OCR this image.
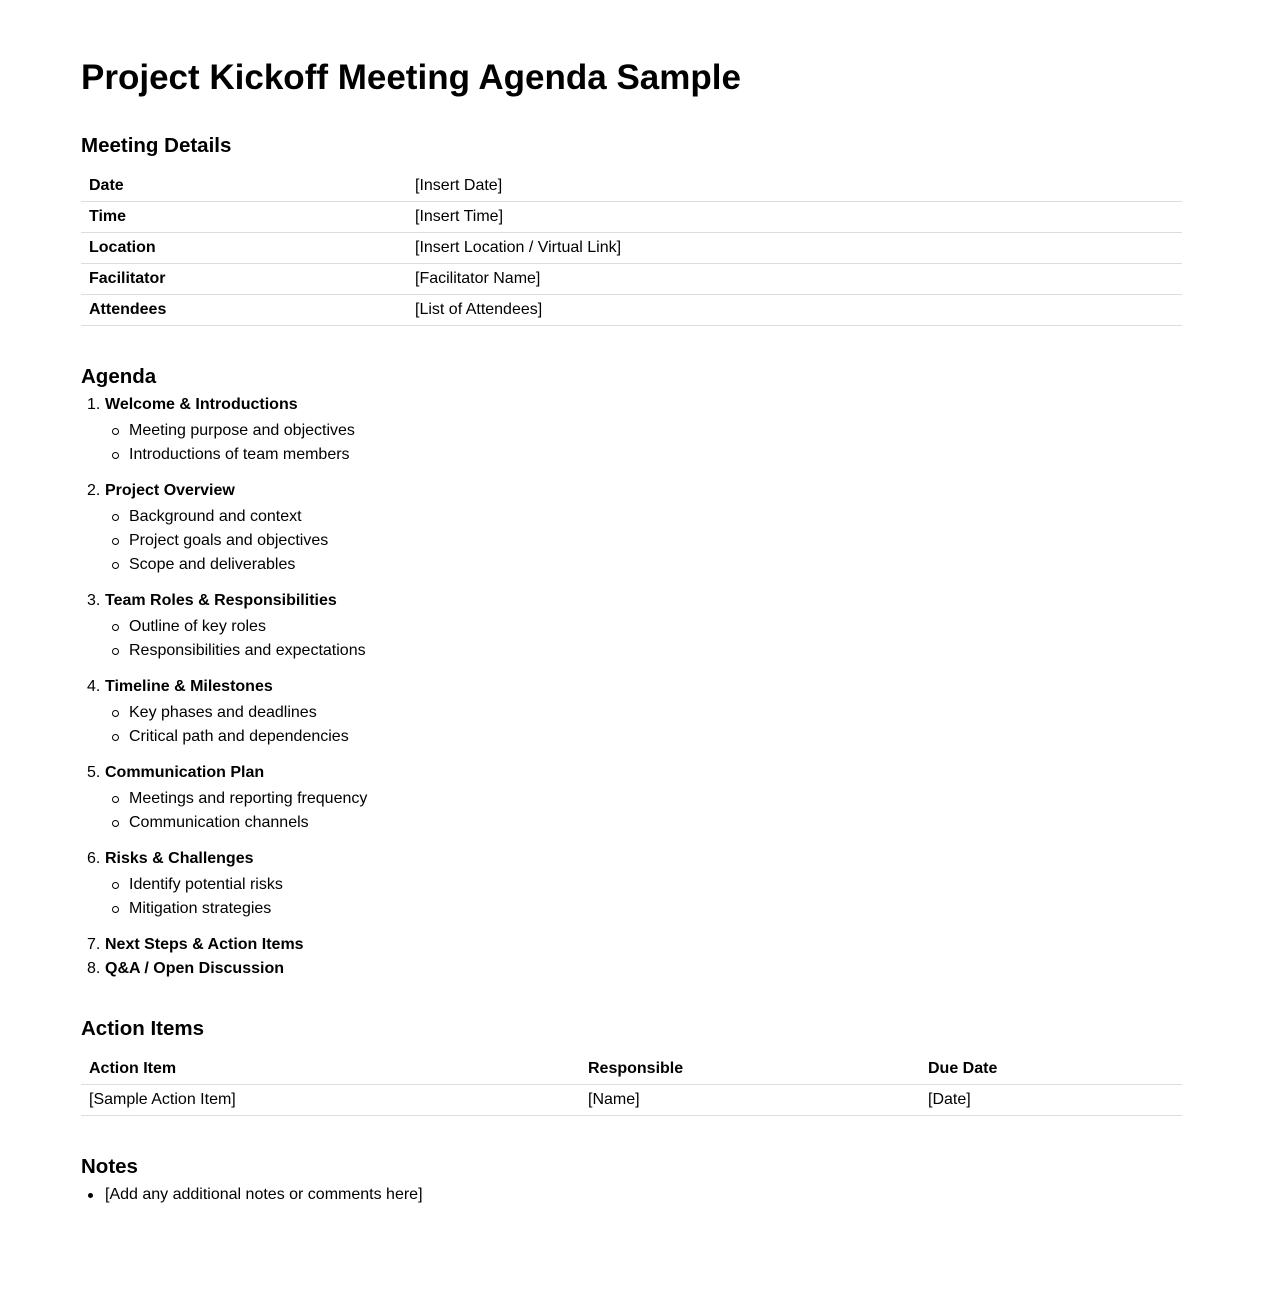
Project Kickoff Meeting Agenda Sample
Meeting Details
Date	[Insert Date]
Time	[Insert Time]
Location	[Insert Location / Virtual Link]
Facilitator	[Facilitator Name]
Attendees	[List of Attendees]
Agenda
1. Welcome & Introductions
Meeting purpose and objectives
Introductions of team members
2. Project Overview
Background and context
Project goals and objectives
Scope and deliverables
3. Team Roles & Responsibilities
Outline of key roles
Responsibilities and expectations
4. Timeline & Milestones
Key phases and deadlines
Critical path and dependencies
5. Communication Plan
Meetings and reporting frequency
Communication channels
6. Risks & Challenges
Identify potential risks
Mitigation strategies
7. Next Steps & Action Items
8. Q&A / Open Discussion
Action Items
Action Item	Responsible	Due Date
[Sample Action Item]	[Name]	[Date]
Notes
[Add any additional notes or comments here]
